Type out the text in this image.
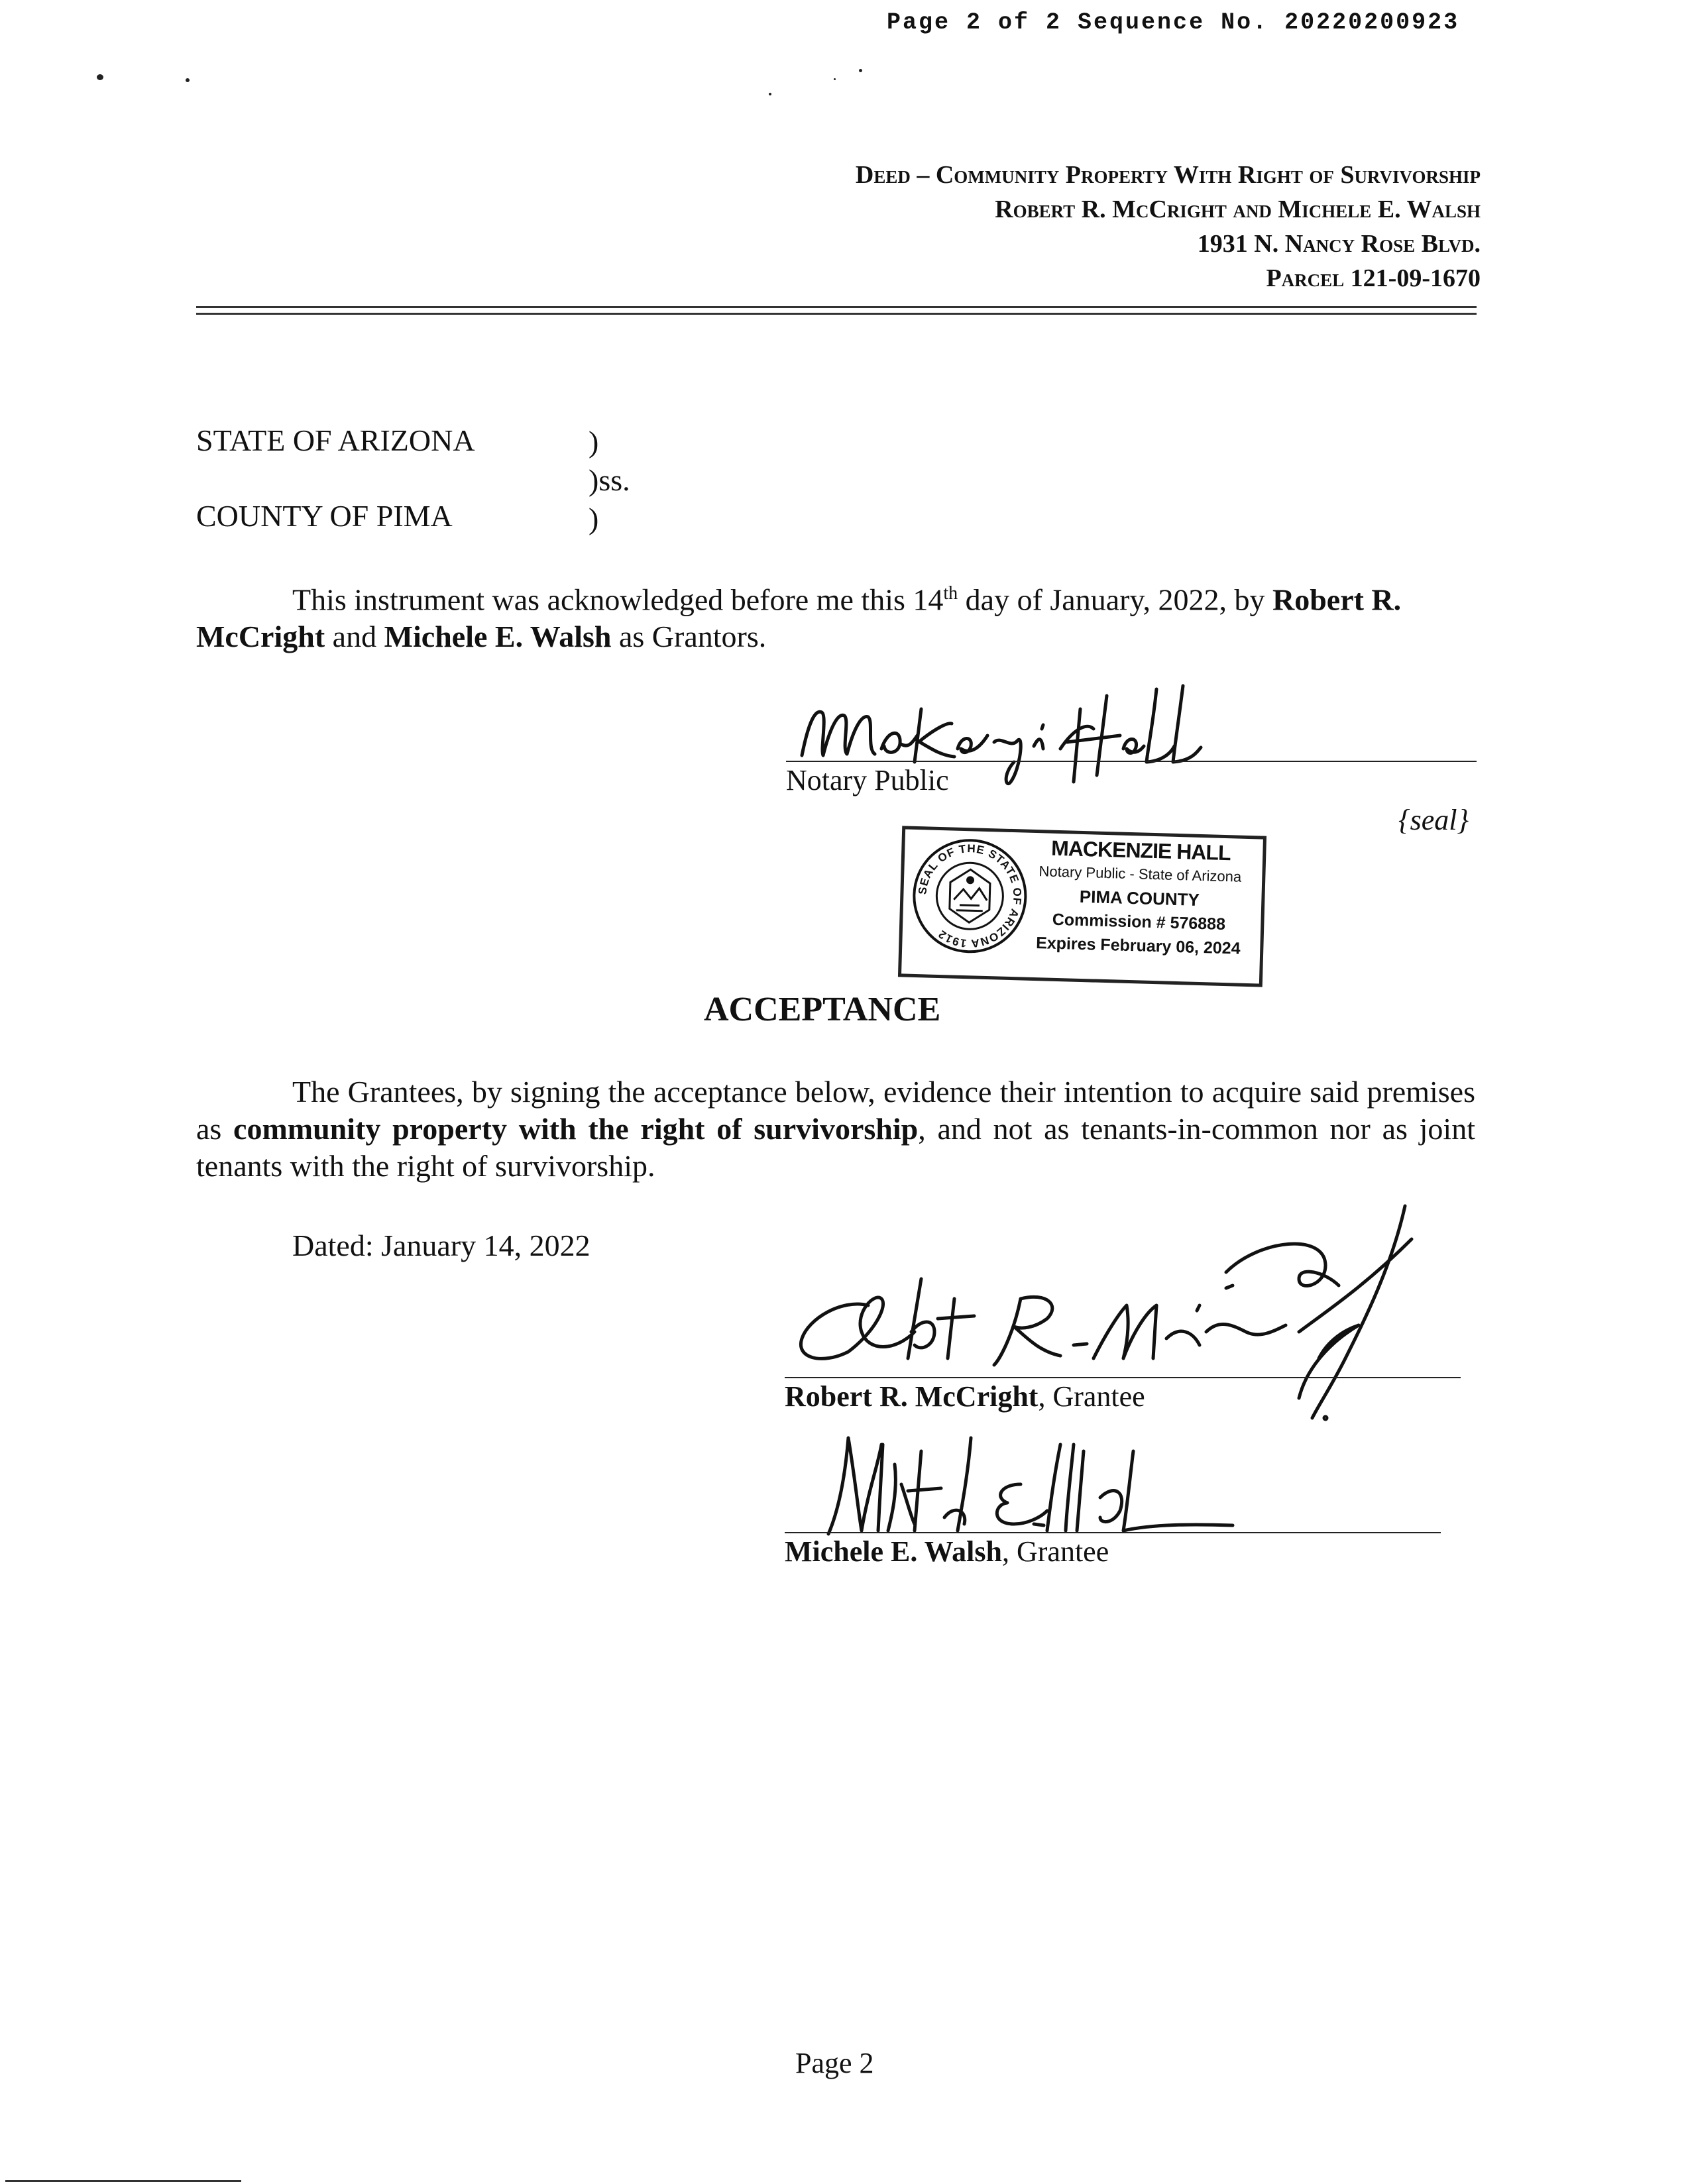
Page 2 of 2 Sequence No. 20220200923
Deed – Community Property With Right of Survivorship
Robert R. McCright and Michele E. Walsh
1931 N. Nancy Rose Blvd.
Parcel 121-09-1670
STATE OF ARIZONA	)
)ss.
COUNTY OF PIMA	)
This instrument was acknowledged before me this 14th day of January, 2022, by Robert R. McCright and Michele E. Walsh as Grantors.
Notary Public
{seal}
SEAL OF THE STATE OF ARIZONA 1912
MACKENZIE HALL
Notary Public - State of Arizona
PIMA COUNTY
Commission # 576888
Expires February 06, 2024
ACCEPTANCE
The Grantees, by signing the acceptance below, evidence their intention to acquire said premises as community property with the right of survivorship, and not as tenants-in-common nor as joint tenants with the right of survivorship.
Dated: January 14, 2022
Robert R. McCright, Grantee
Michele E. Walsh, Grantee
Page 2
